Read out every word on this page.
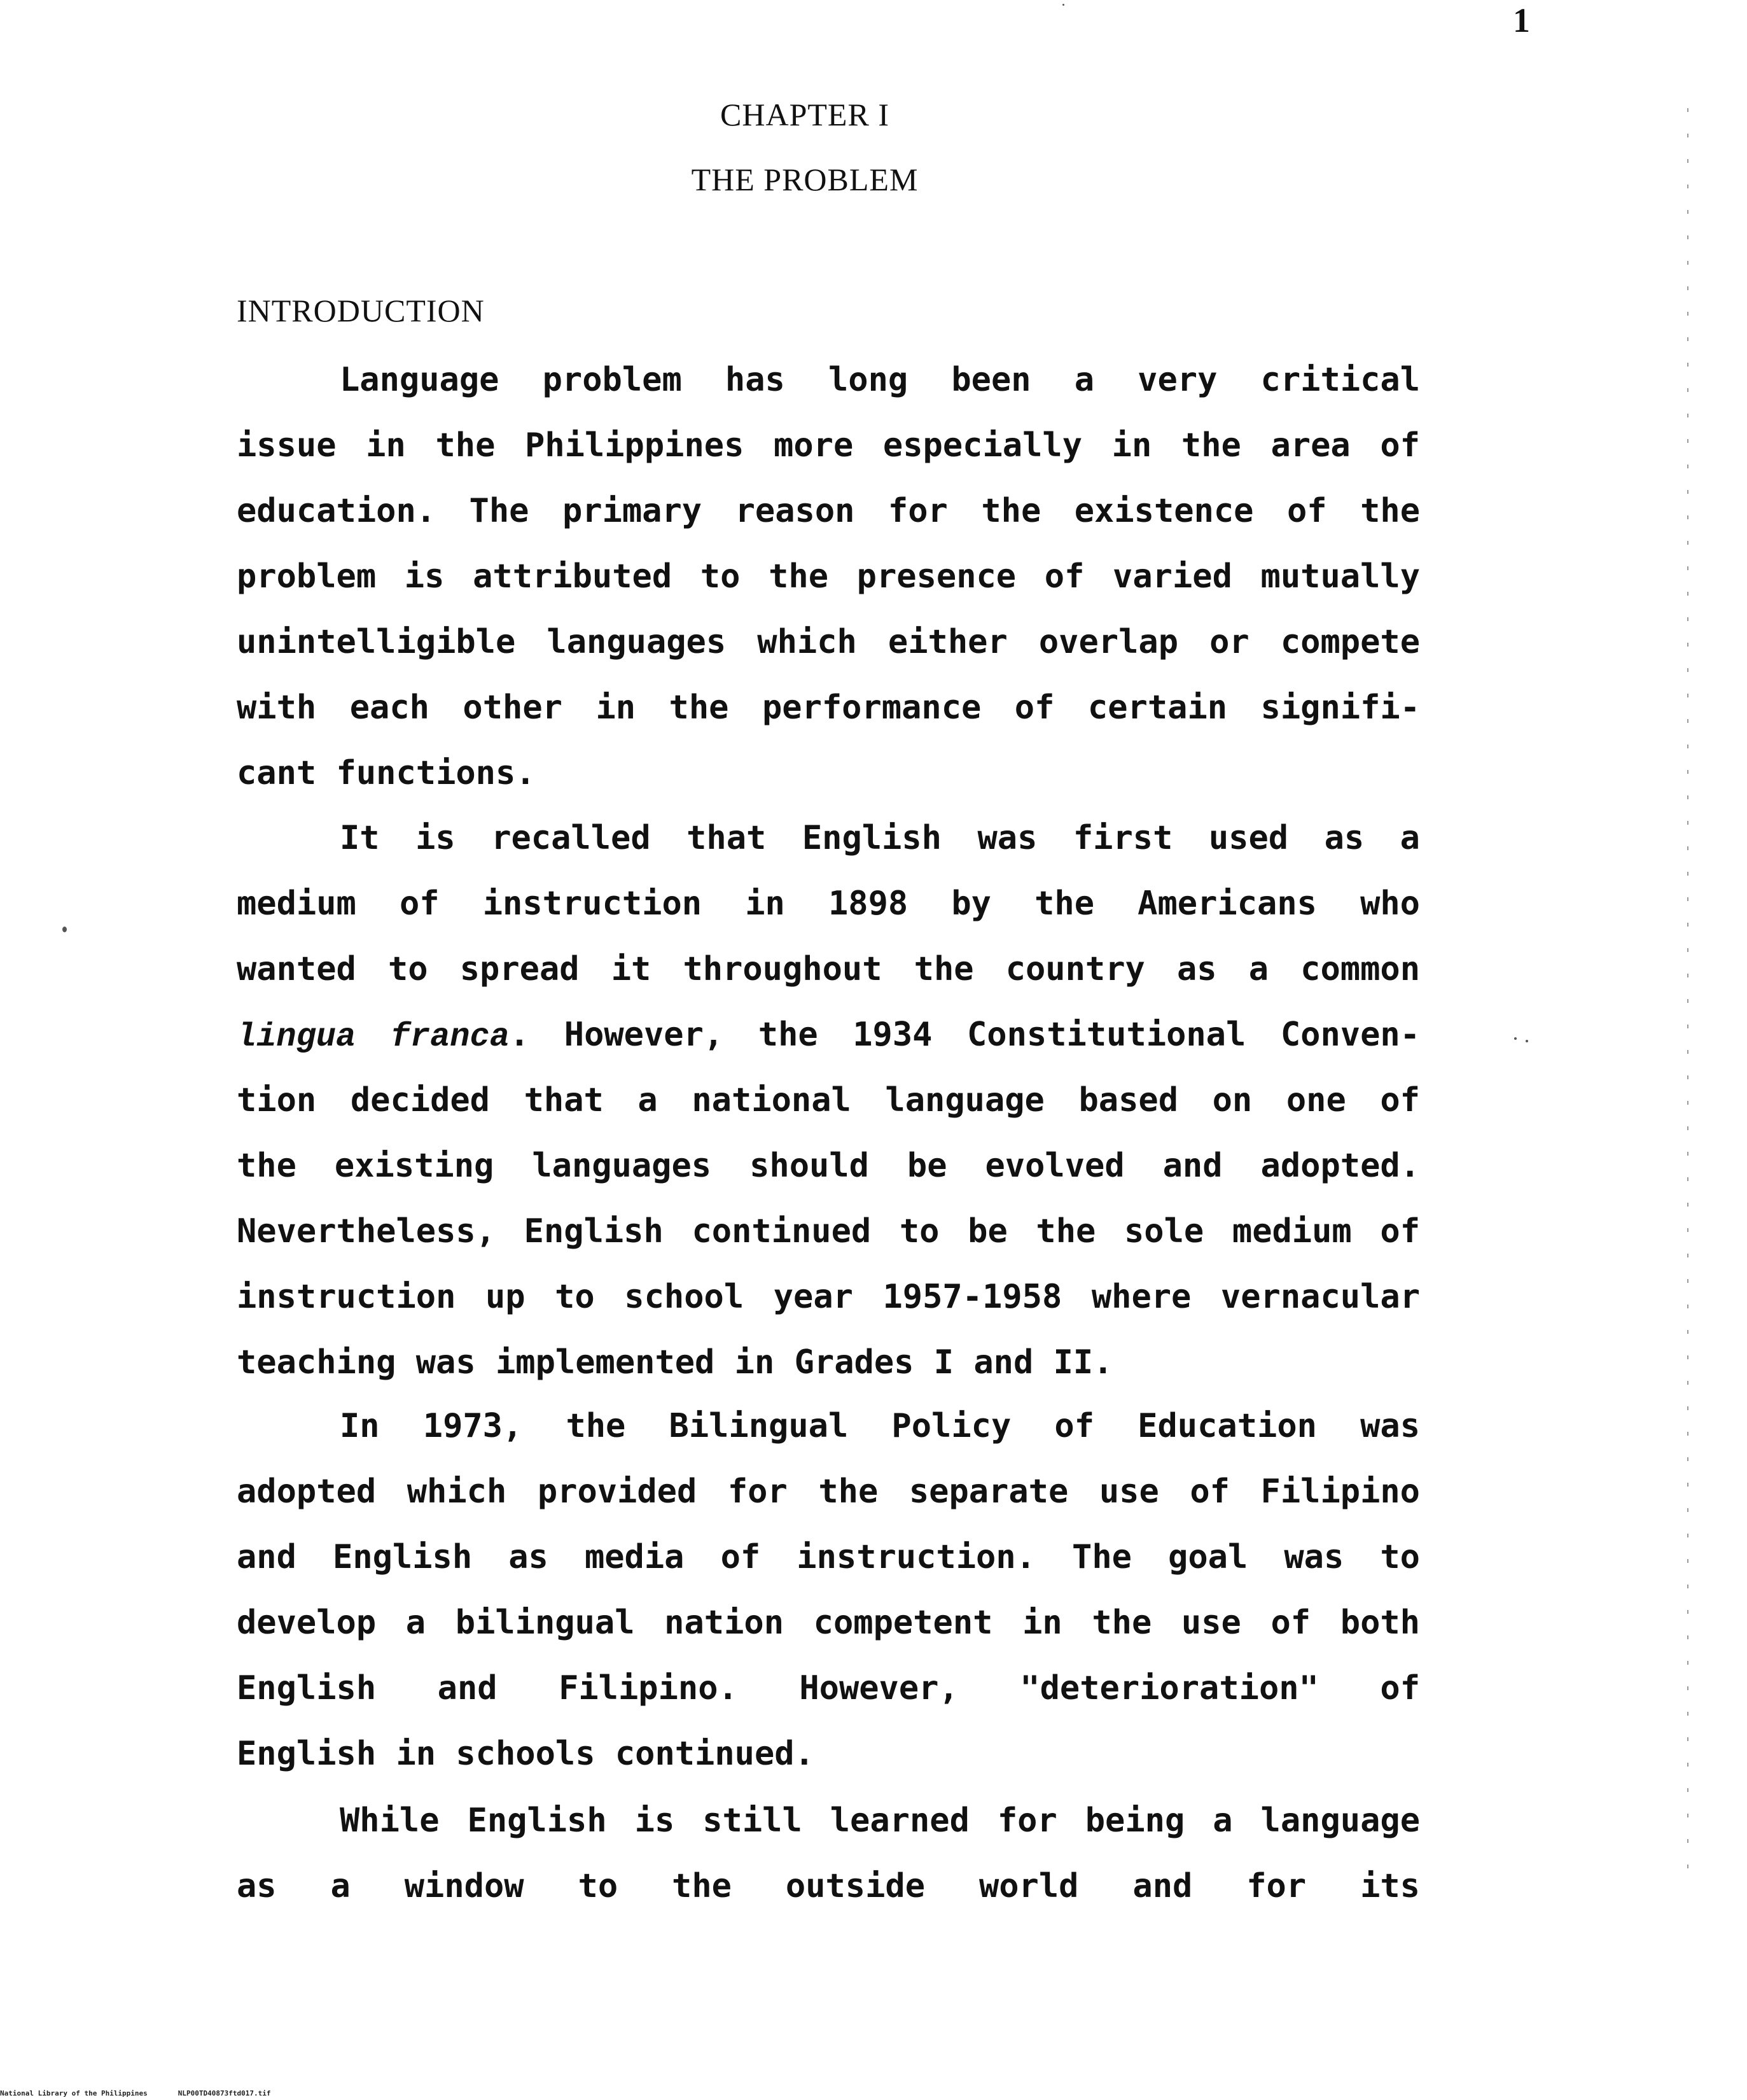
1
CHAPTER I
THE PROBLEM
INTRODUCTION
Language problem has long been a very critical
issue in the Philippines more especially in the area of
education. The primary reason for the existence of the
problem is attributed to the presence of varied mutually
unintelligible languages which either overlap or compete
with each other in the performance of certain signifi-
cant functions.
It is recalled that English was first used as a
medium of instruction in 1898 by the Americans who
wanted to spread it throughout the country as a common
lingua franca. However, the 1934 Constitutional Conven-
tion decided that a national language based on one of
the existing languages should be evolved and adopted.
Nevertheless, English continued to be the sole medium of
instruction up to school year 1957-1958 where vernacular
teaching was implemented in Grades I and II.
In 1973, the Bilingual Policy of Education was
adopted which provided for the separate use of Filipino
and English as media of instruction. The goal was to
develop a bilingual nation competent in the use of both
English and Filipino. However, "deterioration" of
English in schools continued.
While English is still learned for being a language
as a window to the outside world and for its
National Library of the Philippines	NLP00TD40873ftd017.tif
